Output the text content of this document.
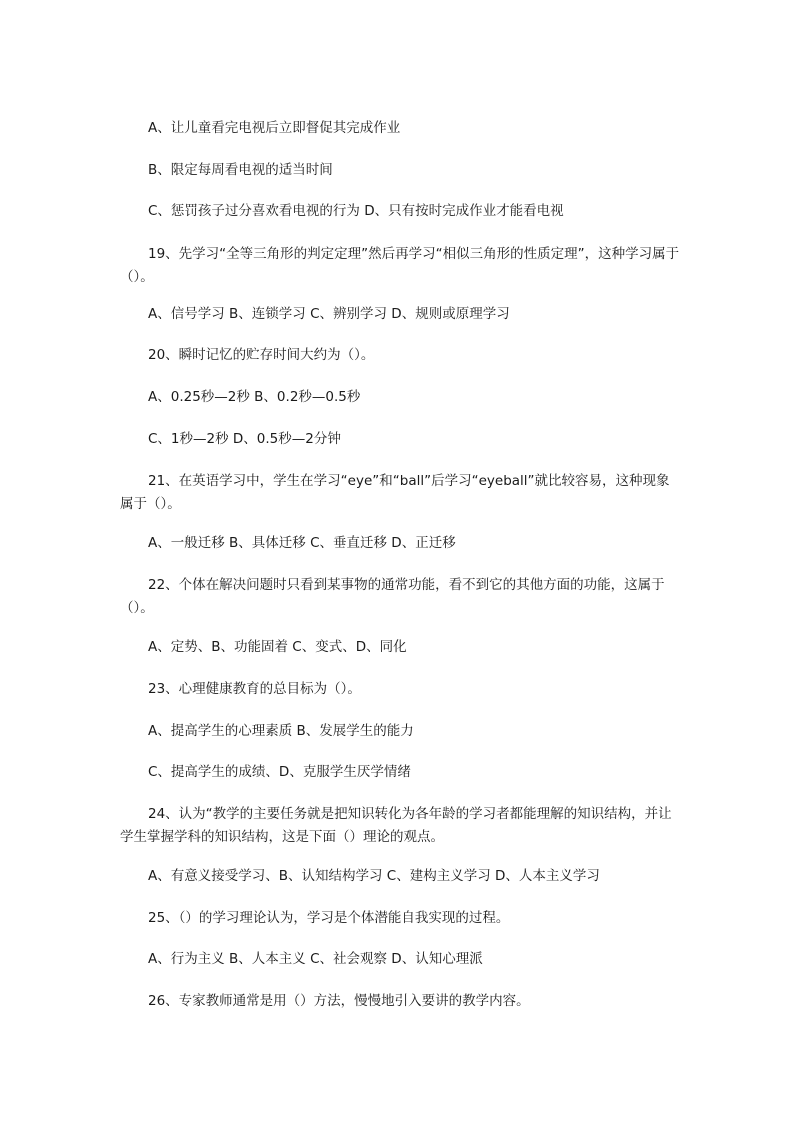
A、让儿童看完电视后立即督促其完成作业
B、限定每周看电视的适当时间
C、惩罚孩子过分喜欢看电视的行为 D、只有按时完成作业才能看电视
19、先学习“全等三角形的判定定理”然后再学习“相似三角形的性质定理”，这种学习属于（）。
A、信号学习 B、连锁学习 C、辨别学习 D、规则或原理学习
20、瞬时记忆的贮存时间大约为（）。
A、0.25秒—2秒 B、0.2秒—0.5秒
C、1秒—2秒 D、0.5秒—2分钟
21、在英语学习中，学生在学习“eye”和“ball”后学习“eyeball”就比较容易，这种现象属于（）。
A、一般迁移 B、具体迁移 C、垂直迁移 D、正迁移
22、个体在解决问题时只看到某事物的通常功能，看不到它的其他方面的功能，这属于（）。
A、定势、B、功能固着 C、变式、D、同化
23、心理健康教育的总目标为（）。
A、提高学生的心理素质 B、发展学生的能力
C、提高学生的成绩、D、克服学生厌学情绪
24、认为“教学的主要任务就是把知识转化为各年龄的学习者都能理解的知识结构，并让学生掌握学科的知识结构，这是下面（）理论的观点。
A、有意义接受学习、B、认知结构学习 C、建构主义学习 D、人本主义学习
25、（）的学习理论认为，学习是个体潜能自我实现的过程。
A、行为主义 B、人本主义 C、社会观察 D、认知心理派
26、专家教师通常是用（）方法，慢慢地引入要讲的教学内容。
